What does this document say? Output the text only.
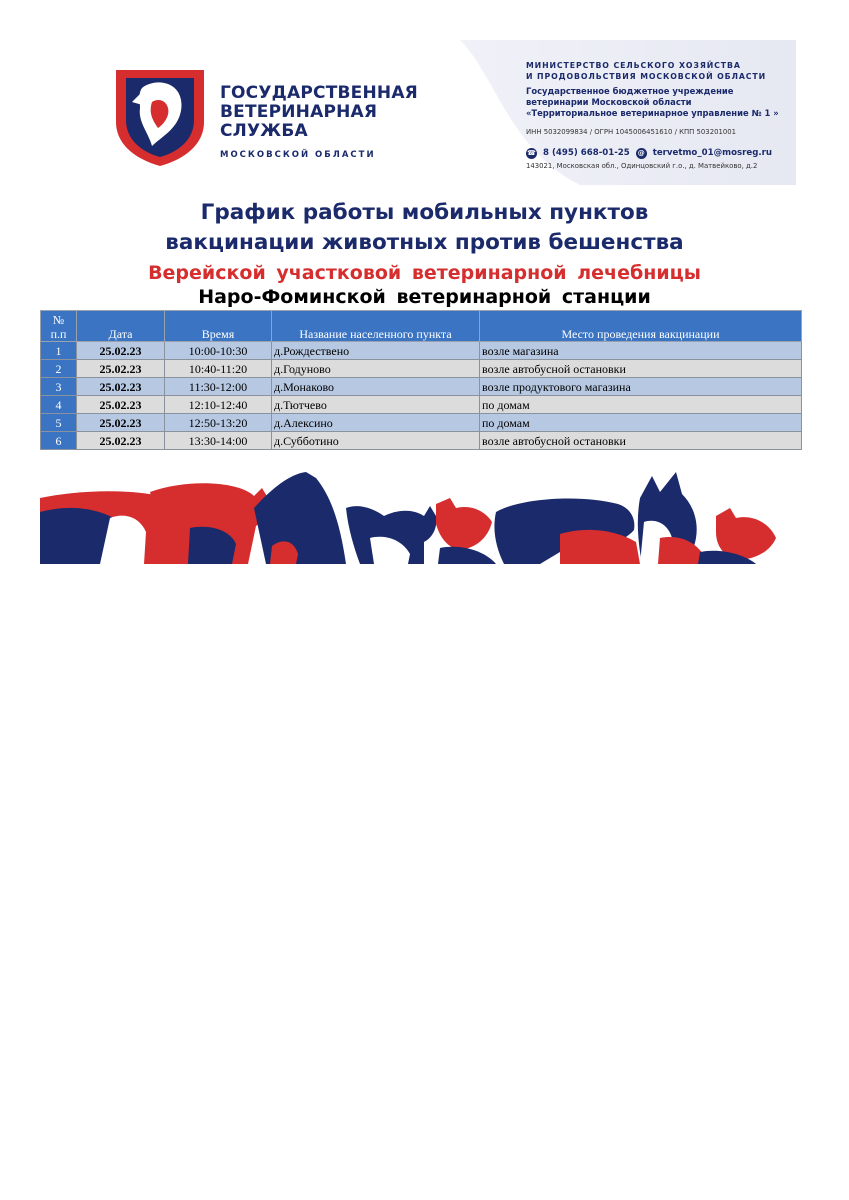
ГОСУДАРСТВЕННАЯ
ВЕТЕРИНАРНАЯ
СЛУЖБА
МОСКОВСКОЙ ОБЛАСТИ
МИНИСТЕРСТВО СЕЛЬСКОГО ХОЗЯЙСТВА
И ПРОДОВОЛЬСТВИЯ МОСКОВСКОЙ ОБЛАСТИ
Государственное бюджетное учреждение
ветеринарии Московской области
«Территориальное ветеринарное управление № 1 »
ИНН 5032099834 / ОГРН 1045006451610 / КПП 503201001
☎ 8 (495) 668-01-25 @ tervetmo_01@mosreg.ru
143021, Московская обл., Одинцовский г.о., д. Матвейково, д.2
График работы мобильных пунктов
вакцинации животных против бешенства
Верейской участковой ветеринарной лечебницы
Наро-Фоминской ветеринарной станции
№
п.п	Дата	Время	Название населенного пункта	Место проведения вакцинации
1	25.02.23	10:00-10:30	д.Рождествено	возле магазина
2	25.02.23	10:40-11:20	д.Годуново	возле автобусной остановки
3	25.02.23	11:30-12:00	д.Монаково	возле продуктового магазина
4	25.02.23	12:10-12:40	д.Тютчево	по домам
5	25.02.23	12:50-13:20	д.Алексино	по домам
6	25.02.23	13:30-14:00	д.Субботино	возле автобусной остановки
